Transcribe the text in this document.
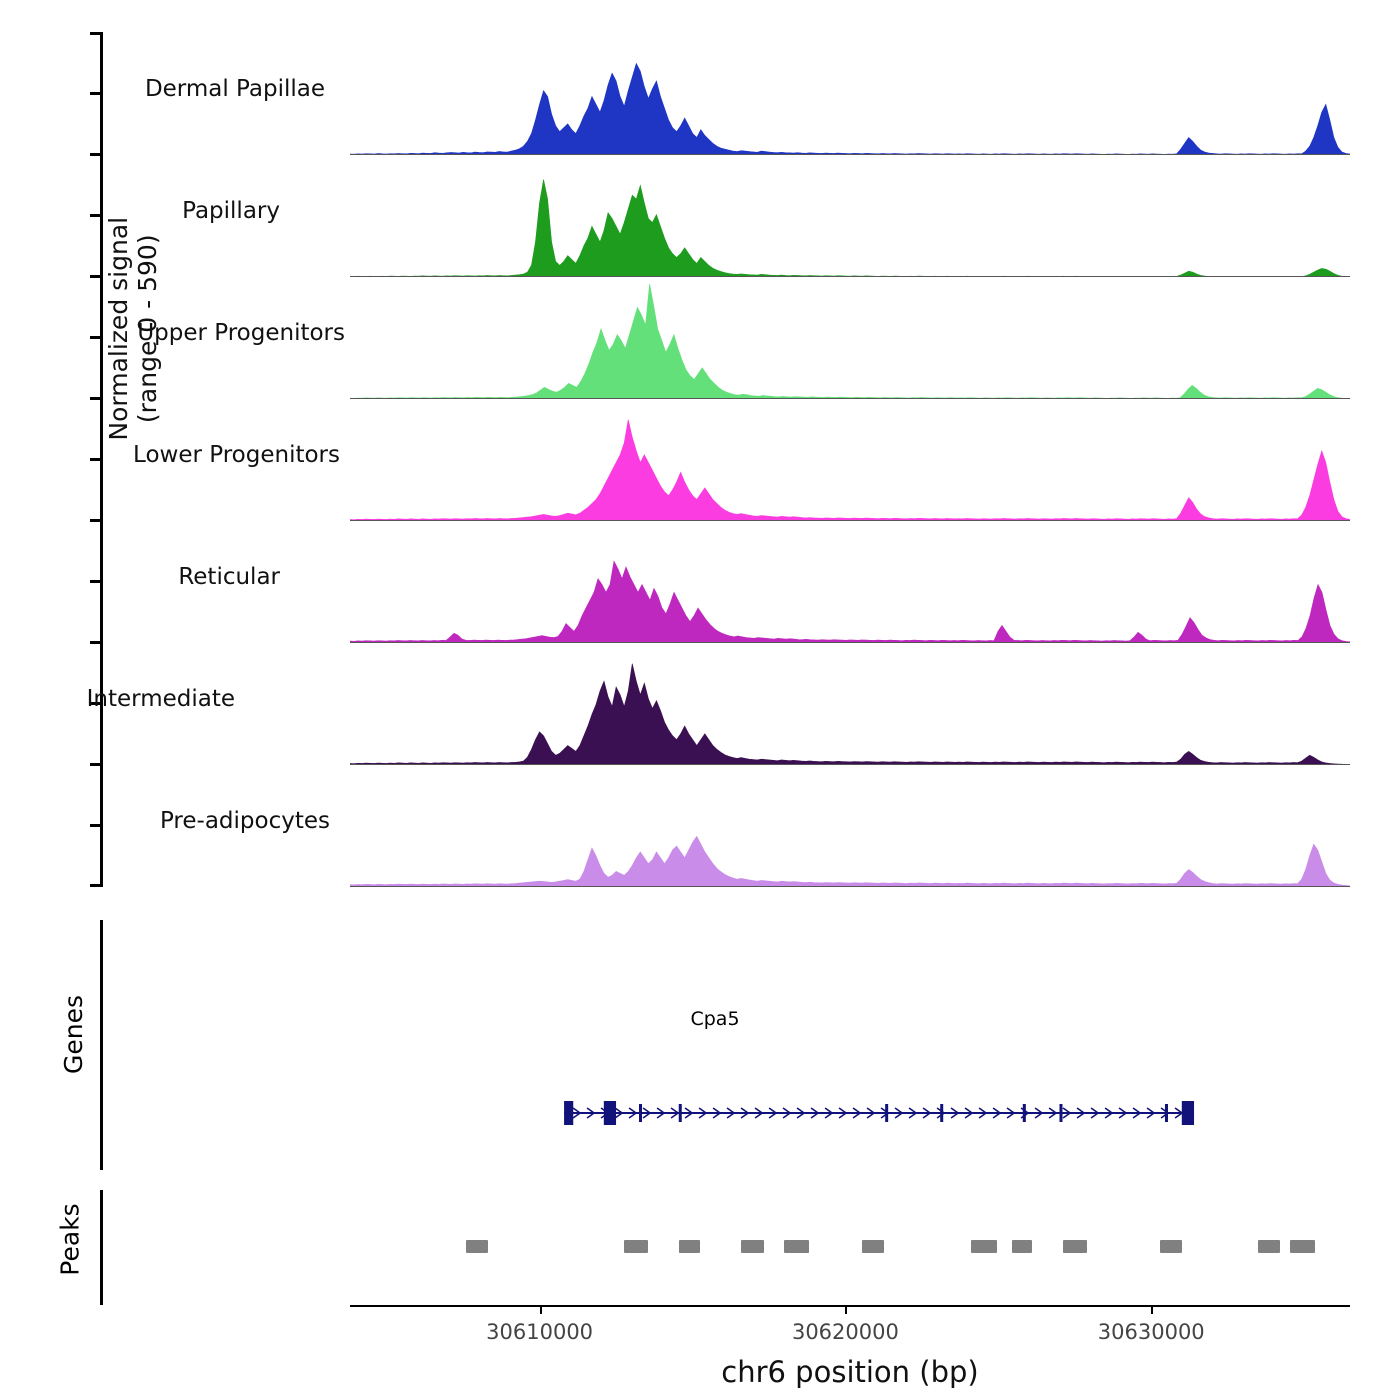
Normalized signal
(range 0 - 590)
Genes
Peaks
Cpa5
30610000	30620000	30630000
chr6 position (bp)
Dermal Papillae
Papillary
Upper Progenitors
Lower Progenitors
Reticular
Intermediate
Pre-adipocytes
